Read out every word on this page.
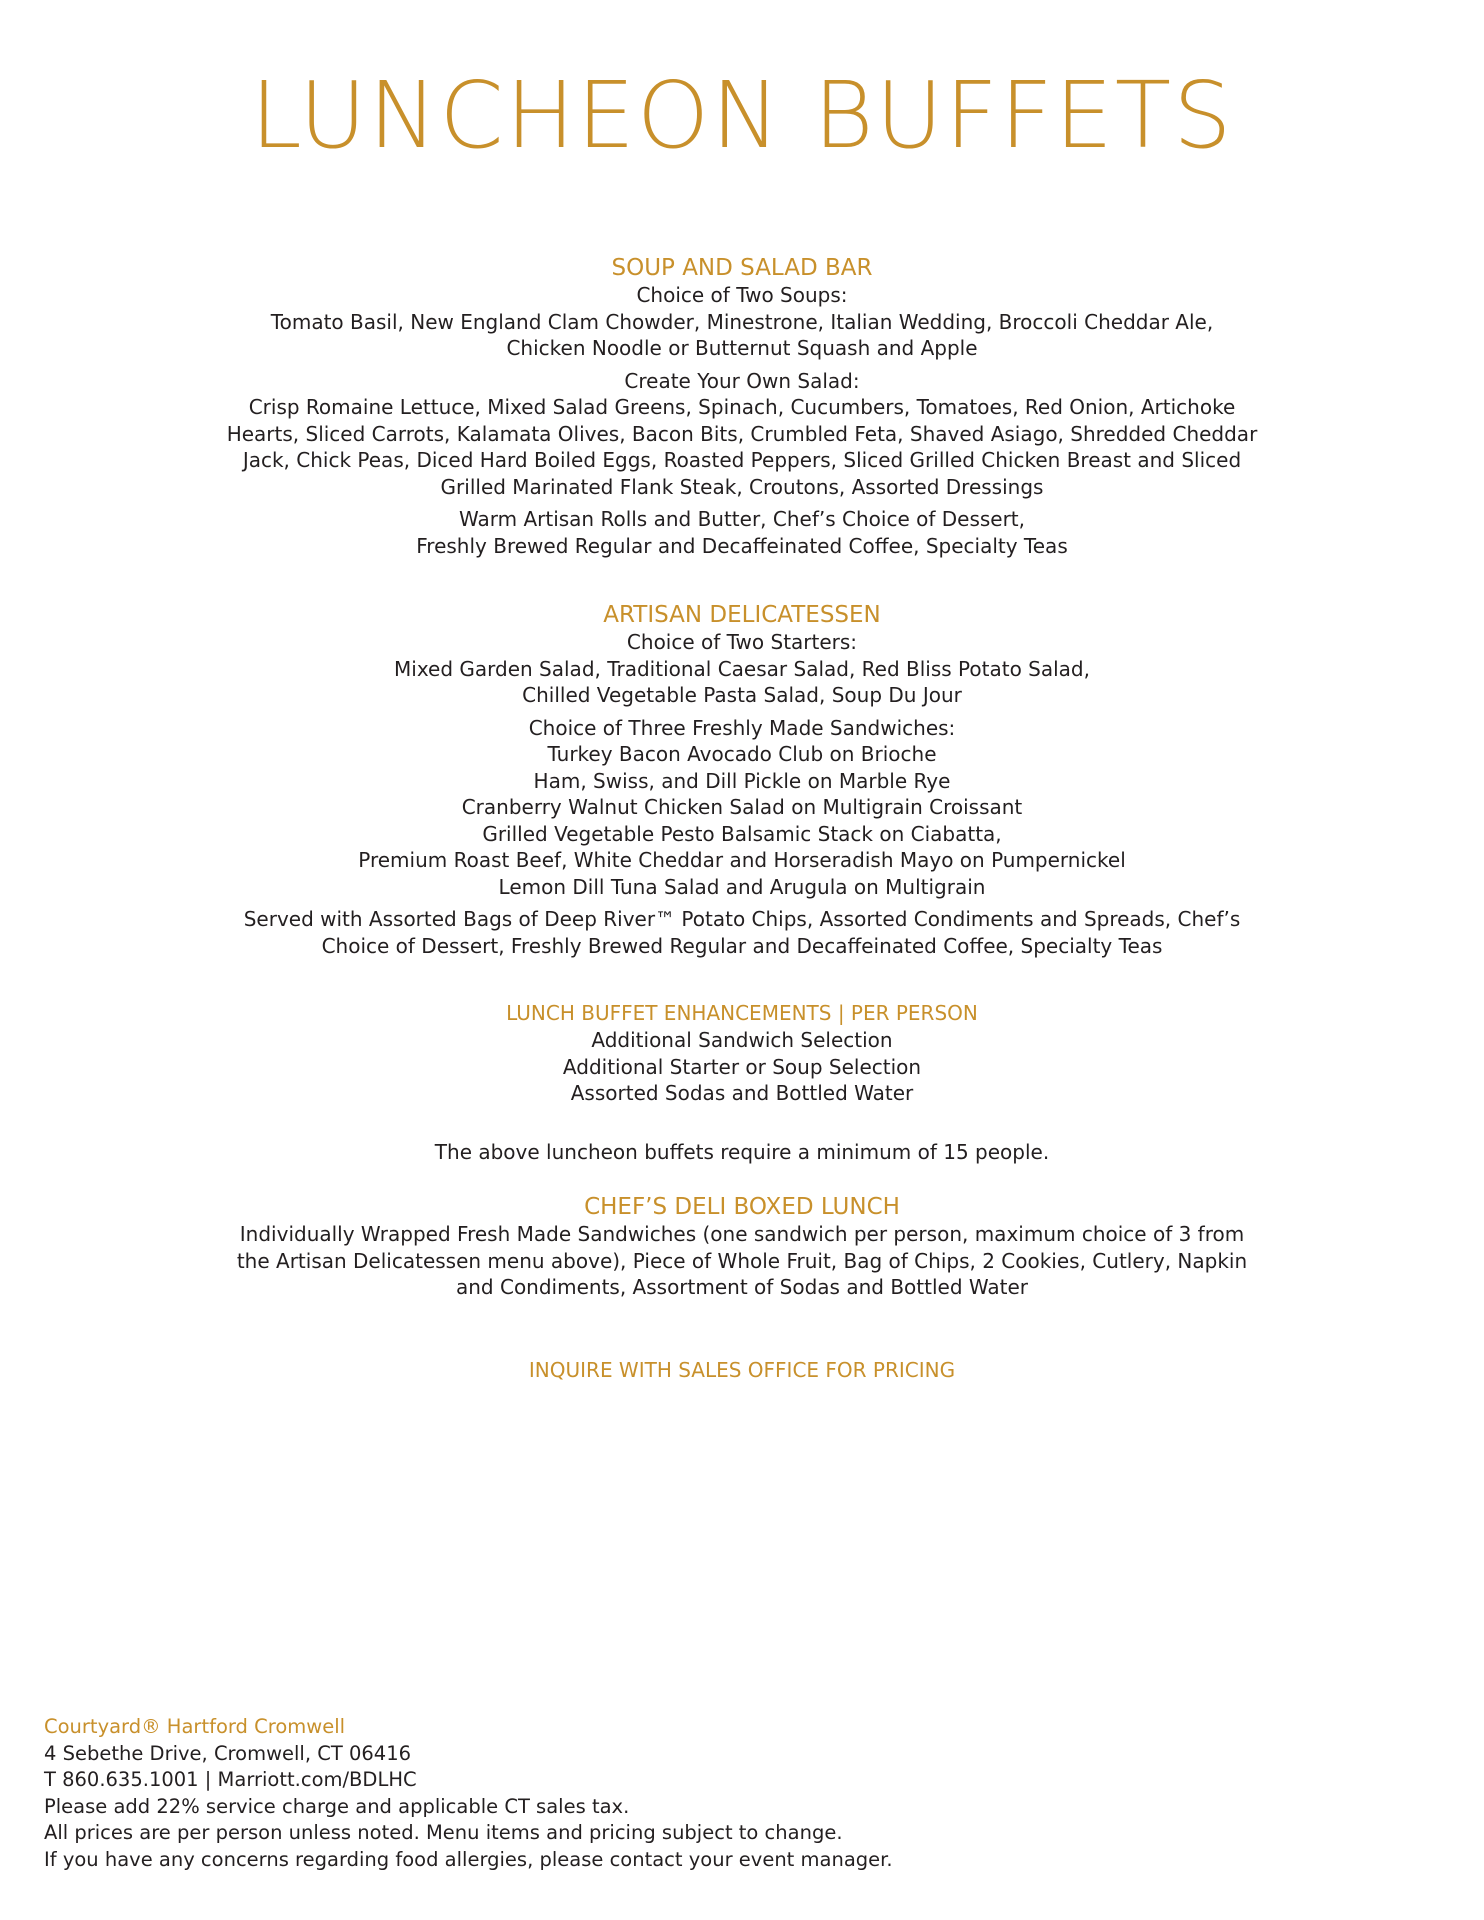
LUNCHEON BUFFETS
SOUP AND SALAD BAR

Choice of Two Soups:

Tomato Basil, New England Clam Chowder, Minestrone, Italian Wedding, Broccoli Cheddar Ale,

Chicken Noodle or Butternut Squash and Apple

Create Your Own Salad:

Crisp Romaine Lettuce, Mixed Salad Greens, Spinach, Cucumbers, Tomatoes, Red Onion, Artichoke

Hearts, Sliced Carrots, Kalamata Olives, Bacon Bits, Crumbled Feta, Shaved Asiago, Shredded Cheddar

Jack, Chick Peas, Diced Hard Boiled Eggs, Roasted Peppers, Sliced Grilled Chicken Breast and Sliced

Grilled Marinated Flank Steak, Croutons, Assorted Dressings

Warm Artisan Rolls and Butter, Chef’s Choice of Dessert,

Freshly Brewed Regular and Decaffeinated Coffee, Specialty Teas

ARTISAN DELICATESSEN

Choice of Two Starters:

Mixed Garden Salad, Traditional Caesar Salad, Red Bliss Potato Salad,

Chilled Vegetable Pasta Salad, Soup Du Jour

Choice of Three Freshly Made Sandwiches:

Turkey Bacon Avocado Club on Brioche

Ham, Swiss, and Dill Pickle on Marble Rye

Cranberry Walnut Chicken Salad on Multigrain Croissant

Grilled Vegetable Pesto Balsamic Stack on Ciabatta,

Premium Roast Beef, White Cheddar and Horseradish Mayo on Pumpernickel

Lemon Dill Tuna Salad and Arugula on Multigrain

Served with Assorted Bags of Deep River™ Potato Chips, Assorted Condiments and Spreads, Chef’s

Choice of Dessert, Freshly Brewed Regular and Decaffeinated Coffee, Specialty Teas

LUNCH BUFFET ENHANCEMENTS | PER PERSON

Additional Sandwich Selection

Additional Starter or Soup Selection

Assorted Sodas and Bottled Water

The above luncheon buffets require a minimum of 15 people.

CHEF’S DELI BOXED LUNCH

Individually Wrapped Fresh Made Sandwiches (one sandwich per person, maximum choice of 3 from

the Artisan Delicatessen menu above), Piece of Whole Fruit, Bag of Chips, 2 Cookies, Cutlery, Napkin

and Condiments, Assortment of Sodas and Bottled Water

INQUIRE WITH SALES OFFICE FOR PRICING

Courtyard® Hartford Cromwell

4 Sebethe Drive, Cromwell, CT 06416

T 860.635.1001 | Marriott.com/BDLHC

Please add 22% service charge and applicable CT sales tax.

All prices are per person unless noted. Menu items and pricing subject to change.

If you have any concerns regarding food allergies, please contact your event manager.
